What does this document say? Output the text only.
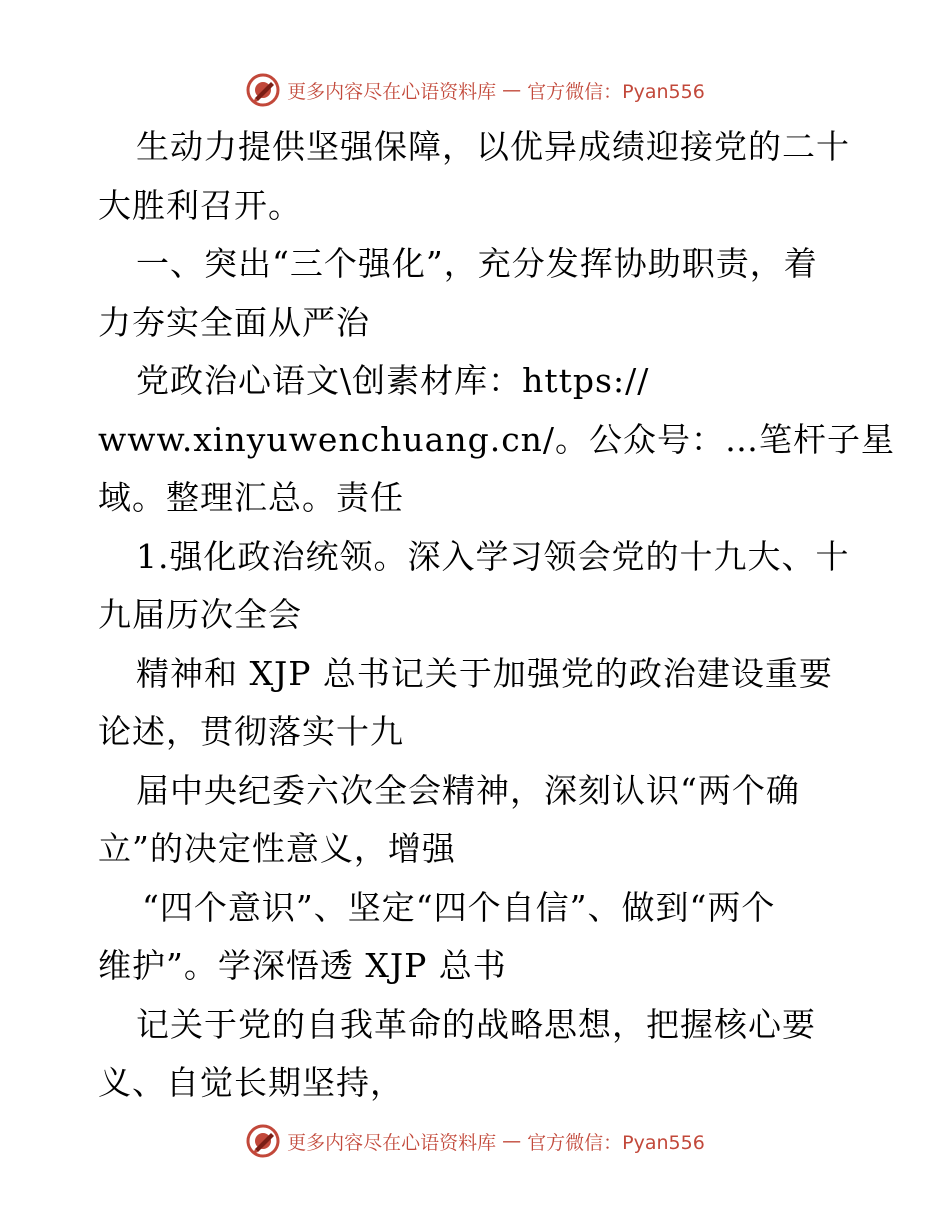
更多内容尽在心语资料库 — 官方微信：Pyan556
生动力提供坚强保障，以优异成绩迎接党的二十
大胜利召开。
一、突出“三个强化”，充分发挥协助职责，着
力夯实全面从严治
党政治心语文\创素材库：https://
www.xinyuwenchuang.cn/。公众号：…笔杆子星
域。整理汇总。责任
1.强化政治统领。深入学习领会党的十九大、十
九届历次全会
精神和 XJP 总书记关于加强党的政治建设重要
论述，贯彻落实十九
届中央纪委六次全会精神，深刻认识“两个确
立”的决定性意义，增强
“四个意识”、坚定“四个自信”、做到“两个
维护”。学深悟透 XJP 总书
记关于党的自我革命的战略思想，把握核心要
义、自觉长期坚持，
更多内容尽在心语资料库 — 官方微信：Pyan556
